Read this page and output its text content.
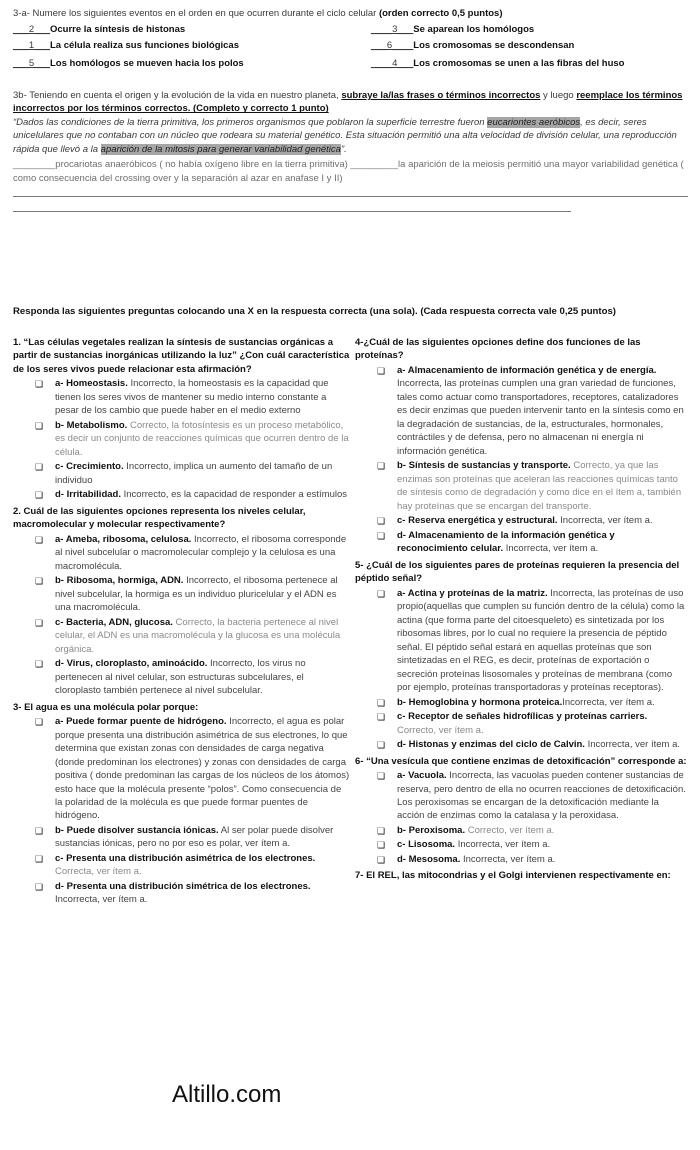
3-a- Numere los siguientes eventos en el orden en que ocurren durante el ciclo celular (orden correcto 0,5 puntos)

___2___Ocurre la síntesis de histonas	____3___Se aparean los homólogos
___1___La célula realiza sus funciones biológicas	___6____Los cromosomas se descondensan
___5___Los homólogos se mueven hacia los polos	____4___Los cromosomas se unen a las fibras del huso
3b- Teniendo en cuenta el origen y la evolución de la vida en nuestro planeta, subraye la/las frases o términos incorrectos y luego reemplace los términos incorrectos por los términos correctos. (Completo y correcto 1 punto)
“Dados las condiciones de la tierra primitiva, los primeros organismos que poblaron la superficie terrestre fueron eucariontes aeróbicos, es decir, seres unicelulares que no contaban con un núcleo que rodeara su material genético. Esta situación permitió una alta velocidad de división celular, una reproducción rápida que llevó a la aparición de la mitosis para generar variabilidad genética”.
________procariotas anaeróbicos ( no había oxígeno libre en la tierra primitiva) _________la aparición de la meiosis permitió una mayor variabilidad genética ( como consecuencia del crossing over y la separación al azar en anafase I y II)
Responda las siguientes preguntas colocando una X en la respuesta correcta (una sola). (Cada respuesta correcta vale 0,25 puntos)
1. “Las células vegetales realizan la síntesis de sustancias orgánicas a partir de sustancias inorgánicas utilizando la luz” ¿Con cuál característica de los seres vivos puede relacionar esta afirmación?
❏ a- Homeostasis. Incorrecto, la homeostasis es la capacidad que tienen los seres vivos de mantener su medio interno constante a pesar de los cambio que puede haber en el medio externo
❏ b- Metabolismo. Correcto, la fotosíntesis es un proceso metabólico, es decir un conjunto de reacciones químicas que ocurren dentro de la célula.
❏ c- Crecimiento. Incorrecto, implica un aumento del tamaño de un individuo
❏ d- Irritabilidad. Incorrecto, es la capacidad de responder a estímulos
2. Cuál de las siguientes opciones representa los niveles celular, macromolecular y molecular respectivamente?
❏ a- Ameba, ribosoma, celulosa. Incorrecto, el ribosoma corresponde al nivel subcelular o macromolecular complejo y la celulosa es una macromolécula.
❏ b- Ribosoma, hormiga, ADN. Incorrecto, el ribosoma pertenece al nivel subcelular, la hormiga es un individuo pluricelular y el ADN es una macromolécula.
❏ c- Bacteria, ADN, glucosa. Correcto, la bacteria pertenece al nivel celular, el ADN es una macromolécula y la glucosa es una molécula orgánica.
❏ d- Virus, cloroplasto, aminoácido. Incorrecto, los virus no pertenecen al nivel celular, son estructuras subcelulares, el cloroplasto también pertenece al nivel subcelular.
3- El agua es una molécula polar porque:
❏ a- Puede formar puente de hidrógeno. Incorrecto, el agua es polar porque presenta una distribución asimétrica de sus electrones, lo que determina que existan zonas con densidades de carga negativa (donde predominan los electrones) y zonas con densidades de carga positiva ( donde predominan las cargas de los núcleos de los átomos) esto hace que la molécula presente “polos”. Como consecuencia de la polaridad de la molécula es que puede formar puentes de hidrógeno.
❏ b- Puede disolver sustancia iónicas. Al ser polar puede disolver sustancias iónicas, pero no por eso es polar, ver ítem a.
❏ c- Presenta una distribución asimétrica de los electrones. Correcta, ver ítem a.
❏ d- Presenta una distribución simétrica de los electrones. Incorrecta, ver ítem a.
4-¿Cuál de las siguientes opciones define dos funciones de las proteínas?
❏ a- Almacenamiento de información genética y de energía. Incorrecta, las proteínas cumplen una gran variedad de funciones, tales como actuar como transportadores, receptores, catalizadores es decir enzimas que pueden intervenir tanto en la síntesis como en la degradación de sustancias, de la, estructurales, hormonales, contráctiles y de defensa, pero no almacenan ni energía ni información genética.
❏ b- Síntesis de sustancias y transporte. Correcto, ya que las enzimas son proteínas que aceleran las reacciones químicas tanto de síntesis como de degradación y como dice en el ítem a, también hay proteínas que se encargan del transporte.
❏ c- Reserva energética y estructural. Incorrecta, ver ítem a.
❏ d- Almacenamiento de la información genética y reconocimiento celular. Incorrecta, ver ítem a.
5- ¿Cuál de los siguientes pares de proteínas requieren la presencia del péptido señal?
❏ a- Actina y proteínas de la matriz. Incorrecta, las proteínas de uso propio(aquellas que cumplen su función dentro de la célula) como la actina (que forma parte del citoesqueleto) es sintetizada por los ribosomas libres, por lo cual no requiere la presencia de péptido señal. El péptido señal estará en aquellas proteínas que son sintetizadas en el REG, es decir, proteínas de exportación o secreción proteínas lisosomales y proteínas de membrana (como por ejemplo, proteínas transportadoras y proteínas receptoras).
❏ b- Hemoglobina y hormona proteica.Incorrecta, ver ítem a.
❏ c- Receptor de señales hidrofílicas y proteínas carriers. Correcto, ver ítem a.
❏ d- Histonas y enzimas del ciclo de Calvin. Incorrecta, ver ítem a.
6- “Una vesícula que contiene enzimas de detoxificación” corresponde a:
❏ a- Vacuola. Incorrecta, las vacuolas pueden contener sustancias de reserva, pero dentro de ella no ocurren reacciones de detoxificación. Los peroxisomas se encargan de la detoxificación mediante la acción de enzimas como la catalasa y la peroxidasa.
❏ b- Peroxisoma. Correcto, ver ítem a.
❏ c- Lisosoma. Incorrecta, ver ítem a.
❏ d- Mesosoma. Incorrecta, ver ítem a.
7- El REL, las mitocondrias y el Golgi intervienen respectivamente en:
Altillo.com
